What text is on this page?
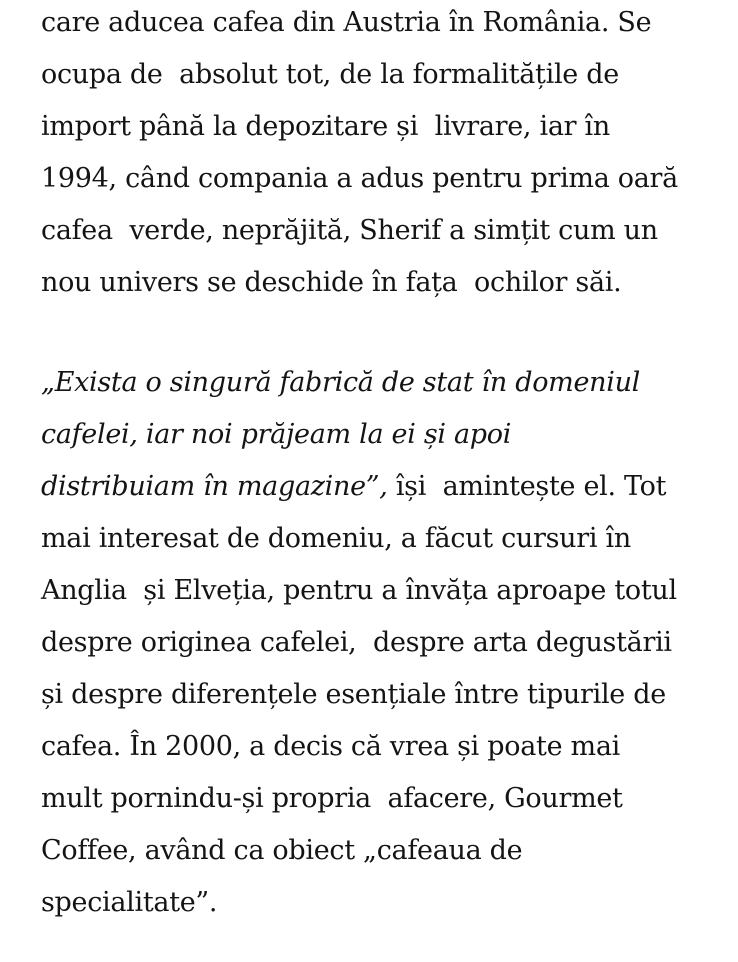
care aducea cafea din Austria în România. Se
ocupa de  absolut tot, de la formalitățile de
import până la depozitare și  livrare, iar în
1994, când compania a adus pentru prima oară
cafea  verde, neprăjită, Sherif a simțit cum un
nou univers se deschide în fața  ochilor săi.
„Exista o singură fabrică de stat în domeniul
cafelei, iar noi prăjeam la ei și apoi
distribuiam în magazine”, își  amintește el. Tot
mai interesat de domeniu, a făcut cursuri în
Anglia  și Elveția, pentru a învăța aproape totul
despre originea cafelei,  despre arta degustării
și despre diferențele esențiale între tipurile de
cafea. În 2000, a decis că vrea și poate mai
mult pornindu-și propria  afacere, Gourmet
Coffee, având ca obiect „cafeaua de
specialitate”.
